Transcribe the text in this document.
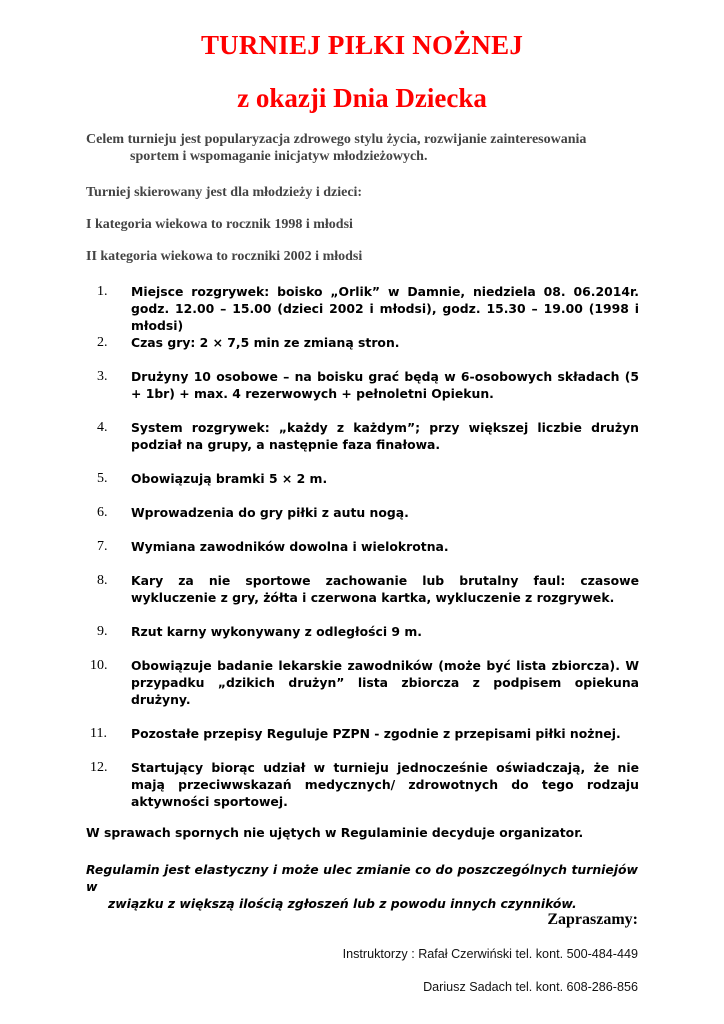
TURNIEJ PIŁKI NOŻNEJ
z okazji Dnia Dziecka
Celem turnieju jest popularyzacja zdrowego stylu życia, rozwijanie zainteresowania
sportem i wspomaganie inicjatyw młodzieżowych.
Turniej skierowany jest dla młodzieży i dzieci:
I kategoria wiekowa to rocznik 1998 i młodsi
II kategoria wiekowa to roczniki 2002 i młodsi
1.	Miejsce rozgrywek: boisko „Orlik” w Damnie, niedziela 08. 06.2014r. godz. 12.00 – 15.00 (dzieci 2002 i młodsi), godz. 15.30 – 19.00 (1998 i młodsi)
2.	Czas gry: 2 × 7,5 min ze zmianą stron.
3.	Drużyny 10 osobowe – na boisku grać będą w 6-osobowych składach (5 + 1br) + max. 4 rezerwowych + pełnoletni Opiekun.
4.	System rozgrywek: „każdy z każdym”; przy większej liczbie drużyn podział na grupy, a następnie faza finałowa.
5.	Obowiązują bramki 5 × 2 m.
6.	Wprowadzenia do gry piłki z autu nogą.
7.	Wymiana zawodników dowolna i wielokrotna.
8.	Kary za nie sportowe zachowanie lub brutalny faul: czasowe wykluczenie z gry, żółta i czerwona kartka, wykluczenie z rozgrywek.
9.	Rzut karny wykonywany z odległości 9 m.
10.	Obowiązuje badanie lekarskie zawodników (może być lista zbiorcza). W przypadku „dzikich drużyn” lista zbiorcza z podpisem opiekuna drużyny.
11.	Pozostałe przepisy Reguluje PZPN - zgodnie z przepisami piłki nożnej.
12.	Startujący biorąc udział w turnieju jednocześnie oświadczają, że nie mają przeciwwskazań medycznych/ zdrowotnych do tego rodzaju aktywności sportowej.
W sprawach spornych nie ujętych w Regulaminie decyduje organizator.
Regulamin jest elastyczny i może ulec zmianie co do poszczególnych turniejów w
związku z większą ilością zgłoszeń lub z powodu innych czynników.
Zapraszamy:
Instruktorzy : Rafał Czerwiński tel. kont. 500-484-449
Dariusz Sadach tel. kont. 608-286-856
